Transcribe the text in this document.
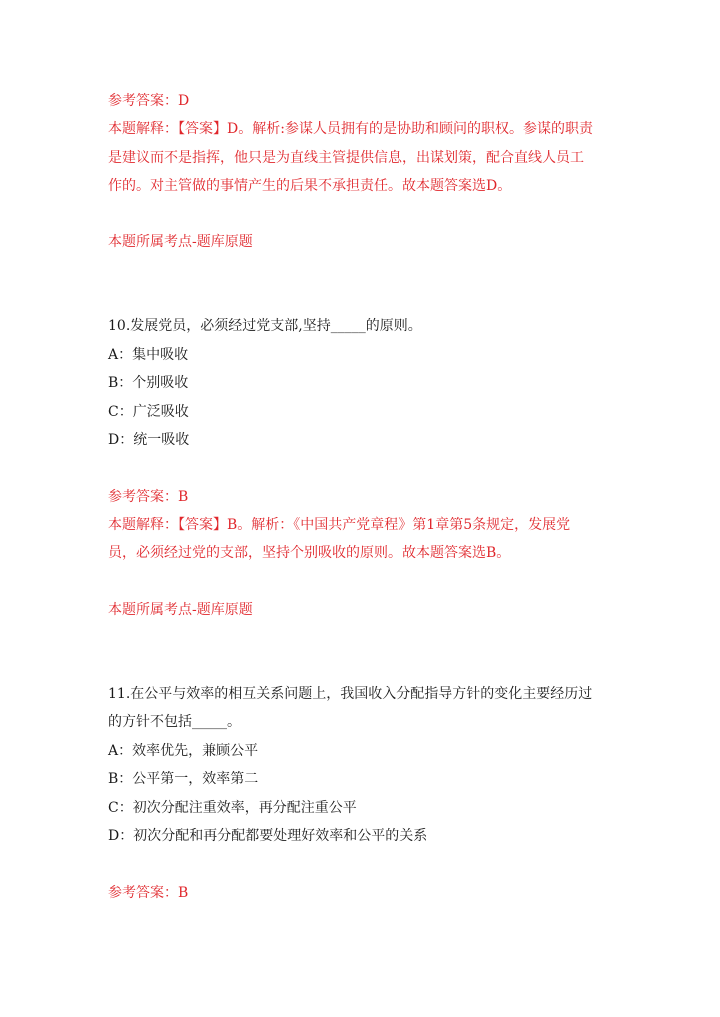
参考答案：D
本题解释：【答案】D。解析:参谋人员拥有的是协助和顾问的职权。参谋的职责
是建议而不是指挥，他只是为直线主管提供信息，出谋划策，配合直线人员工
作的。对主管做的事情产生的后果不承担责任。故本题答案选D。
本题所属考点-题库原题
10.发展党员，必须经过党支部,坚持_____的原则。
A：集中吸收
B：个别吸收
C：广泛吸收
D：统一吸收
参考答案：B
本题解释：【答案】B。解析：《中国共产党章程》第1章第5条规定，发展党
员，必须经过党的支部，坚持个别吸收的原则。故本题答案选B。
本题所属考点-题库原题
11.在公平与效率的相互关系问题上，我国收入分配指导方针的变化主要经历过
的方针不包括_____。
A：效率优先，兼顾公平
B：公平第一，效率第二
C：初次分配注重效率，再分配注重公平
D：初次分配和再分配都要处理好效率和公平的关系
参考答案：B
